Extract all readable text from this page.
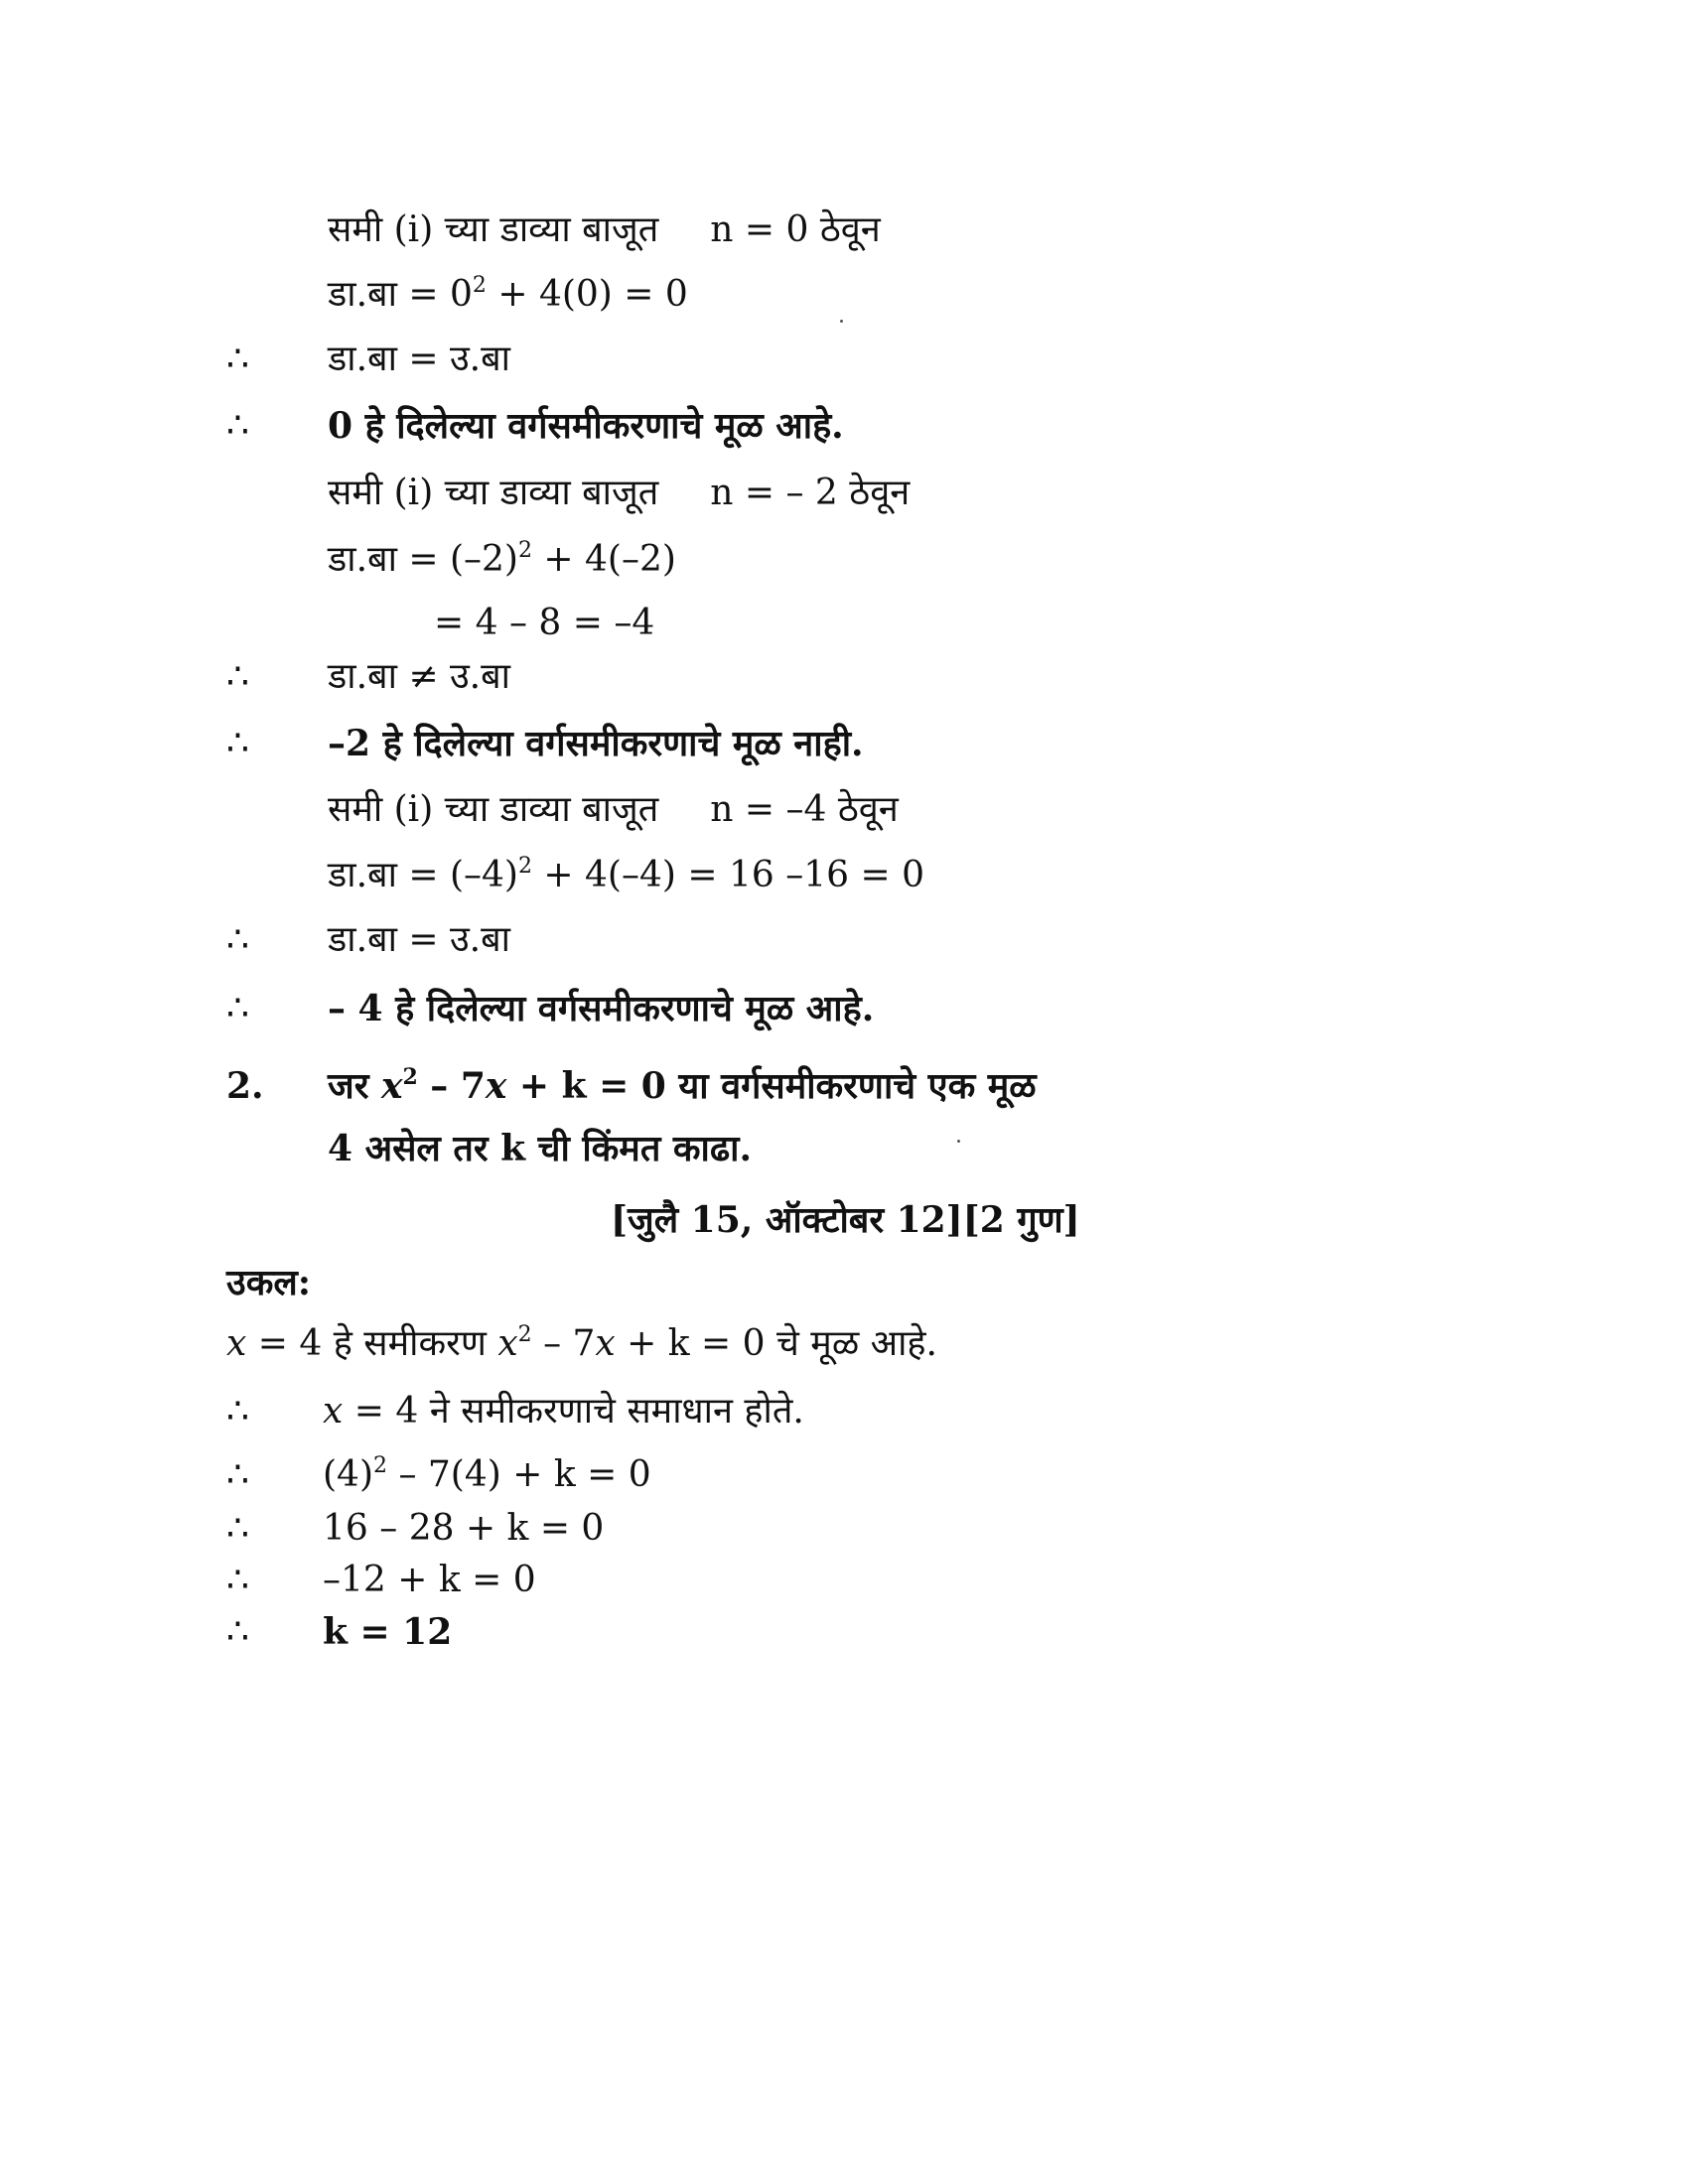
समी (i) च्या डाव्या बाजूत n = 0 ठेवून
डा.बा = $0^2 + 4(0) = 0$
∴ डा.बा = उ.बा
∴ 0 हे दिलेल्या वर्गसमीकरणाचे मूळ आहे.
समी (i) च्या डाव्या बाजूत n = – 2 ठेवून
डा.बा = $(-2)^2 + 4(-2)$
= 4 – 8 = –4
∴ डा.बा ≠ उ.बा
∴ –2 हे दिलेल्या वर्गसमीकरणाचे मूळ नाही.
समी (i) च्या डाव्या बाजूत n = –4 ठेवून
डा.बा = $(-4)^2 + 4(-4) = 16$ –16 = 0
∴ डा.बा = उ.बा
∴ – 4 हे दिलेल्या वर्गसमीकरणाचे मूळ आहे.
2. जर $x^2 - 7x + k = 0$ या वर्गसमीकरणाचे एक मूळ
4 असेल तर k ची किंमत काढा.
[जुलै 15, ऑक्टोबर 12][2 गुण]
उकल:
x = 4 हे समीकरण $x^2 - 7x + k = 0$ चे मूळ आहे.
∴ x = 4 ने समीकरणाचे समाधान होते.
∴ $(4)^2 - 7(4) + k = 0$
∴ 16 – 28 + k = 0
∴ –12 + k = 0
∴ k = 12
